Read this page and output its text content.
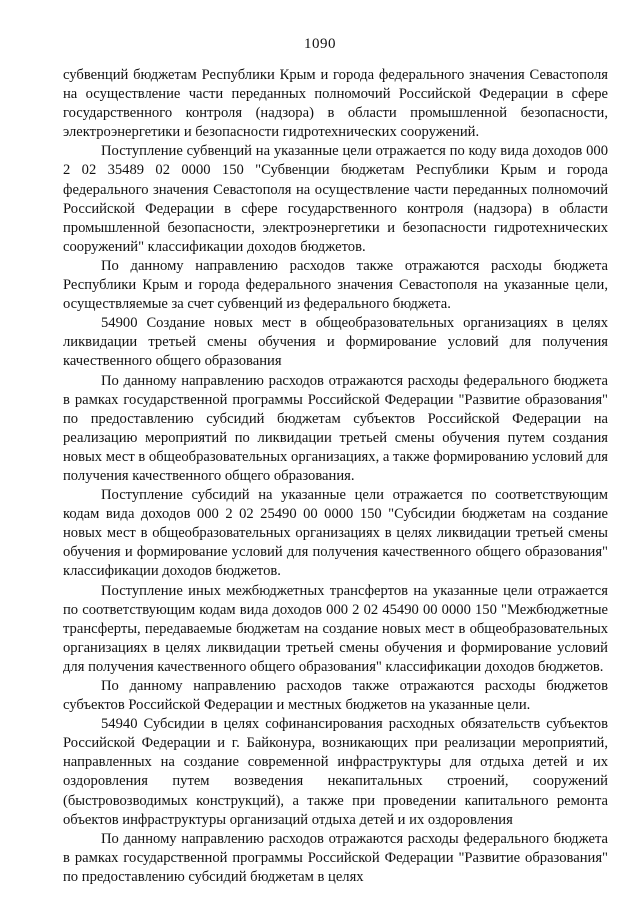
1090

субвенций бюджетам Республики Крым и города федерального значения Севастополя на осуществление части переданных полномочий Российской Федерации в сфере государственного контроля (надзора) в области промышленной безопасности, электроэнергетики и безопасности гидротехнических сооружений.

Поступление субвенций на указанные цели отражается по коду вида доходов 000 2 02 35489 02 0000 150 "Субвенции бюджетам Республики Крым и города федерального значения Севастополя на осуществление части переданных полномочий Российской Федерации в сфере государственного контроля (надзора) в области промышленной безопасности, электроэнергетики и безопасности гидротехнических сооружений" классификации доходов бюджетов.

По данному направлению расходов также отражаются расходы бюджета Республики Крым и города федерального значения Севастополя на указанные цели, осуществляемые за счет субвенций из федерального бюджета.

54900 Создание новых мест в общеобразовательных организациях в целях ликвидации третьей смены обучения и формирование условий для получения качественного общего образования

По данному направлению расходов отражаются расходы федерального бюджета в рамках государственной программы Российской Федерации "Развитие образования" по предоставлению субсидий бюджетам субъектов Российской Федерации на реализацию мероприятий по ликвидации третьей смены обучения путем создания новых мест в общеобразовательных организациях, а также формированию условий для получения качественного общего образования.

Поступление субсидий на указанные цели отражается по соответствующим кодам вида доходов 000 2 02 25490 00 0000 150 "Субсидии бюджетам на создание новых мест в общеобразовательных организациях в целях ликвидации третьей смены обучения и формирование условий для получения качественного общего образования" классификации доходов бюджетов.

Поступление иных межбюджетных трансфертов на указанные цели отражается по соответствующим кодам вида доходов 000 2 02 45490 00 0000 150 "Межбюджетные трансферты, передаваемые бюджетам на создание новых мест в общеобразовательных организациях в целях ликвидации третьей смены обучения и формирование условий для получения качественного общего образования" классификации доходов бюджетов.

По данному направлению расходов также отражаются расходы бюджетов субъектов Российской Федерации и местных бюджетов на указанные цели.

54940 Субсидии в целях софинансирования расходных обязательств субъектов Российской Федерации и г. Байконура, возникающих при реализации мероприятий, направленных на создание современной инфраструктуры для отдыха детей и их оздоровления путем возведения некапитальных строений, сооружений (быстровозводимых конструкций), а также при проведении капитального ремонта объектов инфраструктуры организаций отдыха детей и их оздоровления

По данному направлению расходов отражаются расходы федерального бюджета в рамках государственной программы Российской Федерации "Развитие образования" по предоставлению субсидий бюджетам в целях
